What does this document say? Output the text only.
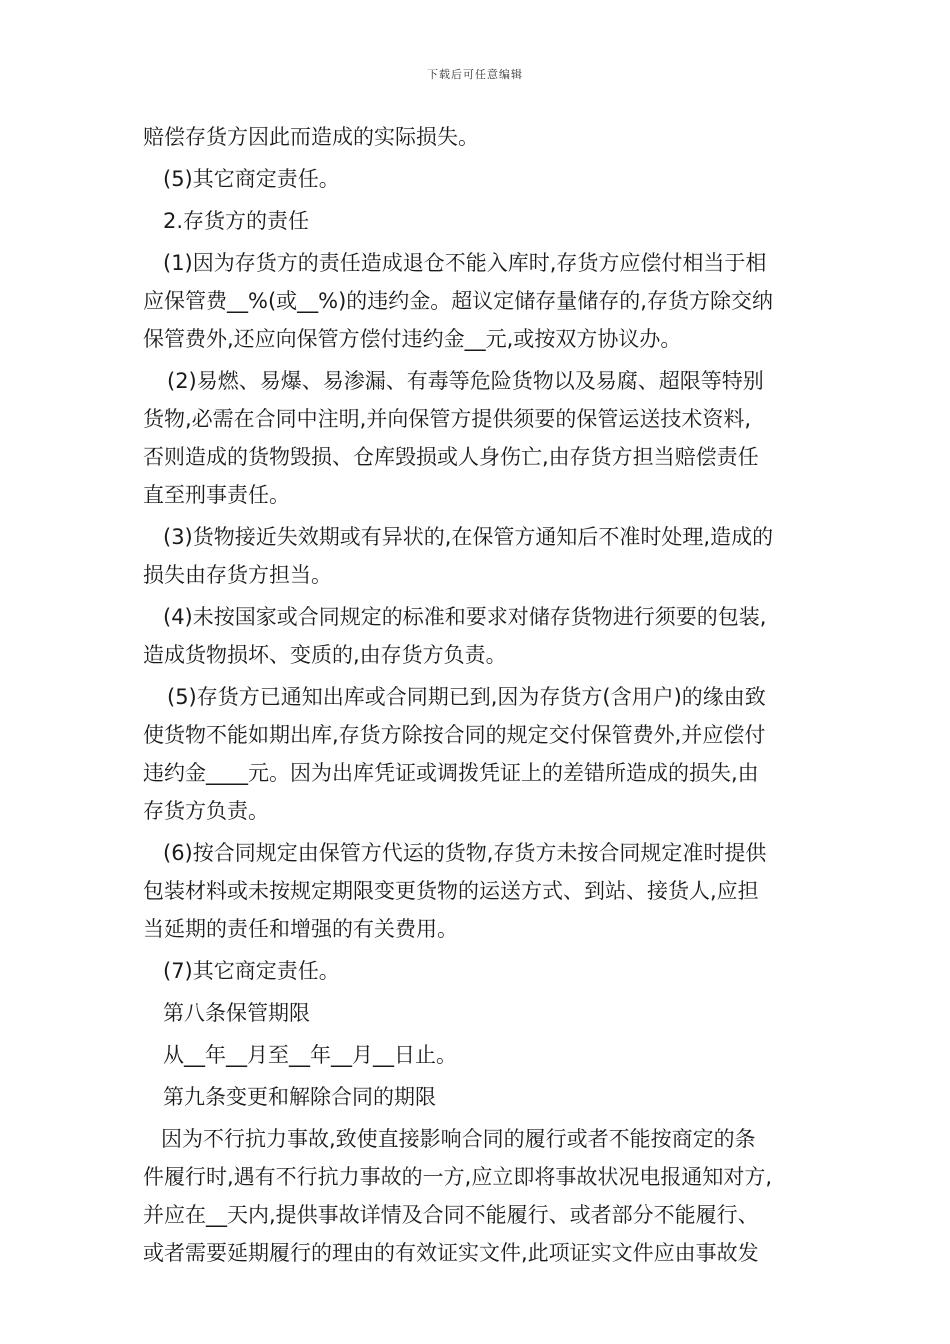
下载后可任意编辑
赔偿存货方因此而造成的实际损失。
(5)其它商定责任。
2.存货方的责任
(1)因为存货方的责任造成退仓不能入库时,存货方应偿付相当于相
应保管费__%(或__%)的违约金。超议定储存量储存的,存货方除交纳
保管费外,还应向保管方偿付违约金__元,或按双方协议办。
(2)易燃、易爆、易渗漏、有毒等危险货物以及易腐、超限等特别
货物,必需在合同中注明,并向保管方提供须要的保管运送技术资料,
否则造成的货物毁损、仓库毁损或人身伤亡,由存货方担当赔偿责任
直至刑事责任。
(3)货物接近失效期或有异状的,在保管方通知后不准时处理,造成的
损失由存货方担当。
(4)未按国家或合同规定的标准和要求对储存货物进行须要的包装,
造成货物损坏、变质的,由存货方负责。
(5)存货方已通知出库或合同期已到,因为存货方(含用户)的缘由致
使货物不能如期出库,存货方除按合同的规定交付保管费外,并应偿付
违约金____元。因为出库凭证或调拨凭证上的差错所造成的损失,由
存货方负责。
(6)按合同规定由保管方代运的货物,存货方未按合同规定准时提供
包装材料或未按规定期限变更货物的运送方式、到站、接货人,应担
当延期的责任和增强的有关费用。
(7)其它商定责任。
第八条保管期限
从__年__月至__年__月__日止。
第九条变更和解除合同的期限
因为不行抗力事故,致使直接影响合同的履行或者不能按商定的条
件履行时,遇有不行抗力事故的一方,应立即将事故状况电报通知对方,
并应在__天内,提供事故详情及合同不能履行、或者部分不能履行、
或者需要延期履行的理由的有效证实文件,此项证实文件应由事故发
